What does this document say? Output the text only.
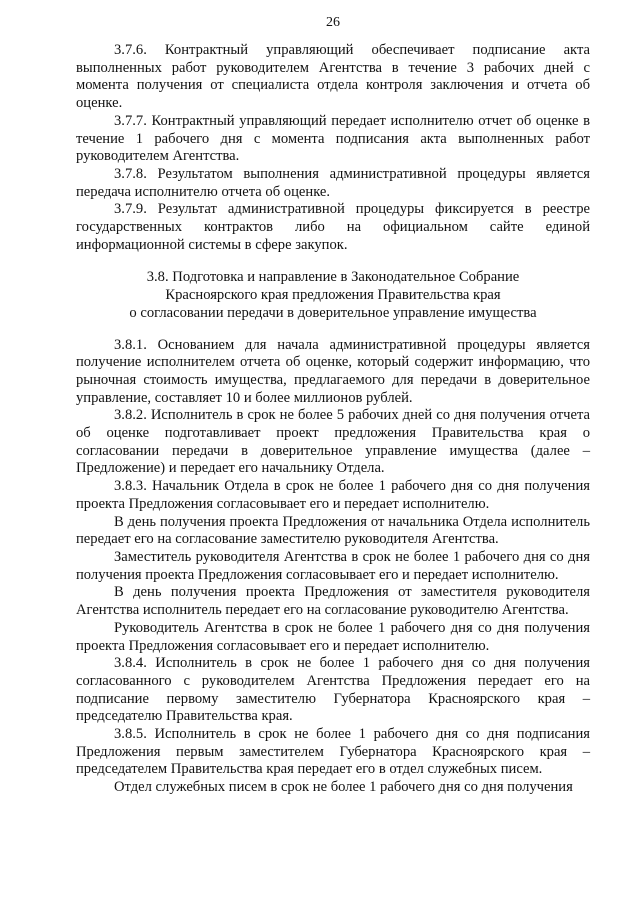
26

3.7.6. Контрактный управляющий обеспечивает подписание акта выполненных работ руководителем Агентства в течение 3 рабочих дней с момента получения от специалиста отдела контроля заключения и отчета об оценке.

3.7.7. Контрактный управляющий передает исполнителю отчет об оценке в течение 1 рабочего дня с момента подписания акта выполненных работ руководителем Агентства.

3.7.8. Результатом выполнения административной процедуры является передача исполнителю отчета об оценке.

3.7.9. Результат административной процедуры фиксируется в реестре государственных контрактов либо на официальном сайте единой информационной системы в сфере закупок.

3.8. Подготовка и направление в Законодательное Собрание
Красноярского края предложения Правительства края
о согласовании передачи в доверительное управление имущества

3.8.1. Основанием для начала административной процедуры является получение исполнителем отчета об оценке, который содержит информацию, что рыночная стоимость имущества, предлагаемого для передачи в доверительное управление, составляет 10 и более миллионов рублей.

3.8.2. Исполнитель в срок не более 5 рабочих дней со дня получения отчета об оценке подготавливает проект предложения Правительства края о согласовании передачи в доверительное управление имущества (далее – Предложение) и передает его начальнику Отдела.

3.8.3. Начальник Отдела в срок не более 1 рабочего дня со дня получения проекта Предложения согласовывает его и передает исполнителю.

В день получения проекта Предложения от начальника Отдела исполнитель передает его на согласование заместителю руководителя Агентства.

Заместитель руководителя Агентства в срок не более 1 рабочего дня со дня получения проекта Предложения согласовывает его и передает исполнителю.

В день получения проекта Предложения от заместителя руководителя Агентства исполнитель передает его на согласование руководителю Агентства.

Руководитель Агентства в срок не более 1 рабочего дня со дня получения проекта Предложения согласовывает его и передает исполнителю.

3.8.4. Исполнитель в срок не более 1 рабочего дня со дня получения согласованного с руководителем Агентства Предложения передает его на подписание первому заместителю Губернатора Красноярского края – председателю Правительства края.

3.8.5. Исполнитель в срок не более 1 рабочего дня со дня подписания Предложения первым заместителем Губернатора Красноярского края – председателем Правительства края передает его в отдел служебных писем.

Отдел служебных писем в срок не более 1 рабочего дня со дня получения
